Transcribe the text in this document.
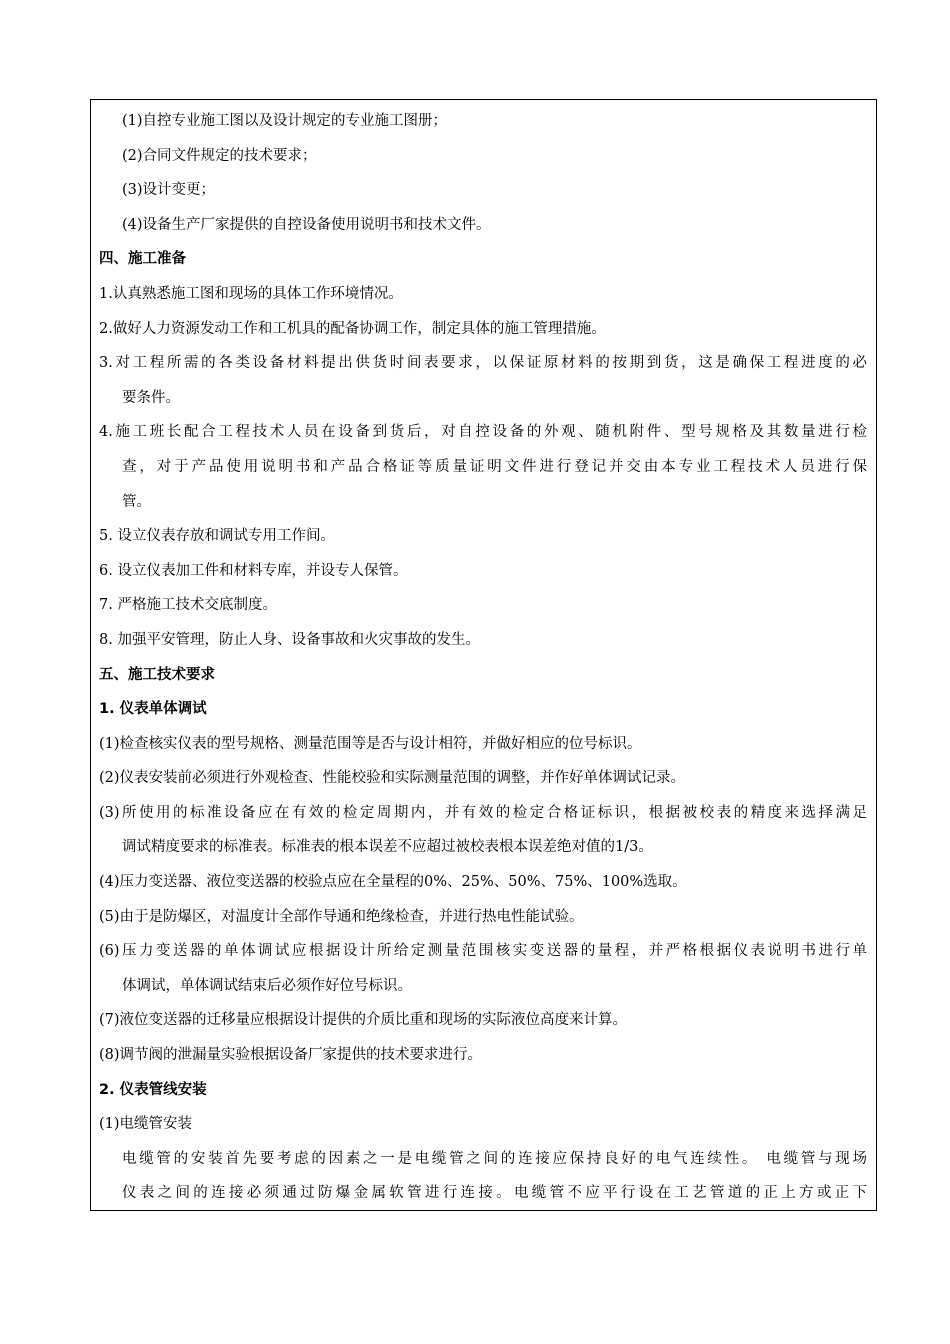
(1)自控专业施工图以及设计规定的专业施工图册；
(2)合同文件规定的技术要求；
(3)设计变更；
(4)设备生产厂家提供的自控设备使用说明书和技术文件。
四、施工准备
1.认真熟悉施工图和现场的具体工作环境情况。
2.做好人力资源发动工作和工机具的配备协调工作，制定具体的施工管理措施。
3.对工程所需的各类设备材料提出供货时间表要求，以保证原材料的按期到货，这是确保工程进度的必
要条件。
4.施工班长配合工程技术人员在设备到货后，对自控设备的外观、随机附件、型号规格及其数量进行检
查，对于产品使用说明书和产品合格证等质量证明文件进行登记并交由本专业工程技术人员进行保
管。
5. 设立仪表存放和调试专用工作间。
6. 设立仪表加工件和材料专库，并设专人保管。
7. 严格施工技术交底制度。
8. 加强平安管理，防止人身、设备事故和火灾事故的发生。
五、施工技术要求
1. 仪表单体调试
(1)检查核实仪表的型号规格、测量范围等是否与设计相符，并做好相应的位号标识。
(2)仪表安装前必须进行外观检查、性能校验和实际测量范围的调整，并作好单体调试记录。
(3)所使用的标准设备应在有效的检定周期内，并有效的检定合格证标识，根据被校表的精度来选择满足
调试精度要求的标准表。标准表的根本误差不应超过被校表根本误差绝对值的1/3。
(4)压力变送器、液位变送器的校验点应在全量程的0%、25%、50%、75%、100%选取。
(5)由于是防爆区，对温度计全部作导通和绝缘检查，并进行热电性能试验。
(6)压力变送器的单体调试应根据设计所给定测量范围核实变送器的量程，并严格根据仪表说明书进行单
体调试，单体调试结束后必须作好位号标识。
(7)液位变送器的迁移量应根据设计提供的介质比重和现场的实际液位高度来计算。
(8)调节阀的泄漏量实验根据设备厂家提供的技术要求进行。
2. 仪表管线安装
(1)电缆管安装
电缆管的安装首先要考虑的因素之一是电缆管之间的连接应保持良好的电气连续性。 电缆管与现场
仪表之间的连接必须通过防爆金属软管进行连接。电缆管不应平行设在工艺管道的正上方或正下
